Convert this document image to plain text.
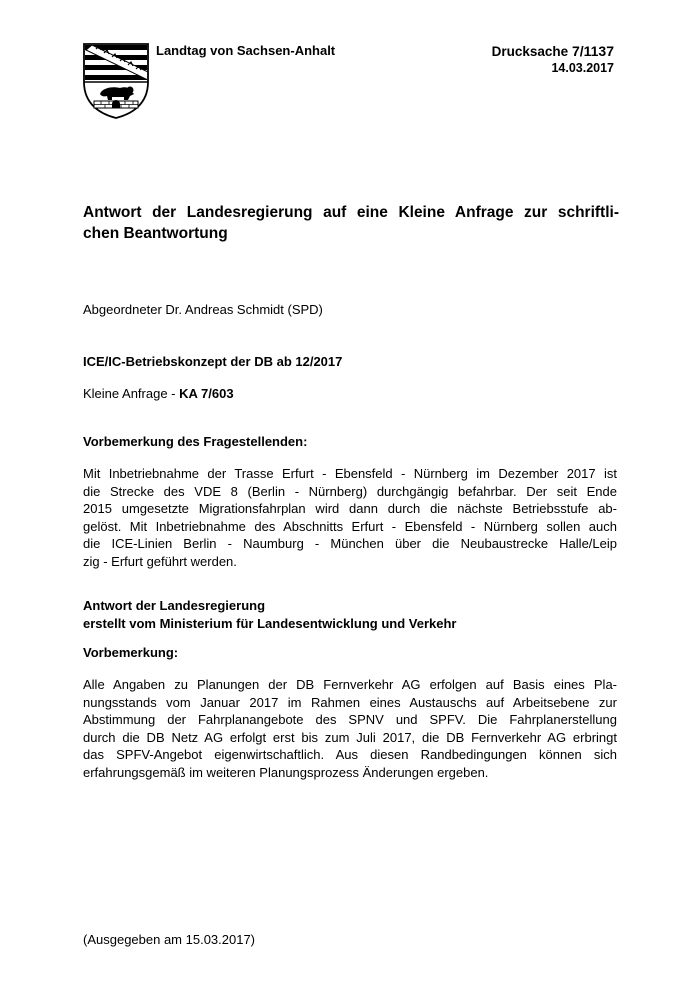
Landtag von Sachsen-Anhalt	Drucksache 7/1137
14.03.2017
Antwort der Landesregierung auf eine Kleine Anfrage zur schriftli-
chen Beantwortung
Abgeordneter Dr. Andreas Schmidt (SPD)
ICE/IC-Betriebskonzept der DB ab 12/2017
Kleine Anfrage - KA 7/603
Vorbemerkung des Fragestellenden:
Mit Inbetriebnahme der Trasse Erfurt - Ebensfeld - Nürnberg im Dezember 2017 ist
die Strecke des VDE 8 (Berlin - Nürnberg) durchgängig befahrbar. Der seit Ende
2015 umgesetzte Migrationsfahrplan wird dann durch die nächste Betriebsstufe ab-
gelöst. Mit Inbetriebnahme des Abschnitts Erfurt - Ebensfeld - Nürnberg sollen auch
die ICE-Linien Berlin - Naumburg - München über die Neubaustrecke Halle/Leip
zig - Erfurt geführt werden.
Antwort der Landesregierung
erstellt vom Ministerium für Landesentwicklung und Verkehr
Vorbemerkung:
Alle Angaben zu Planungen der DB Fernverkehr AG erfolgen auf Basis eines Pla-
nungsstands vom Januar 2017 im Rahmen eines Austauschs auf Arbeitsebene zur
Abstimmung der Fahrplanangebote des SPNV und SPFV. Die Fahrplanerstellung
durch die DB Netz AG erfolgt erst bis zum Juli 2017, die DB Fernverkehr AG erbringt
das SPFV-Angebot eigenwirtschaftlich. Aus diesen Randbedingungen können sich
erfahrungsgemäß im weiteren Planungsprozess Änderungen ergeben.
(Ausgegeben am 15.03.2017)
